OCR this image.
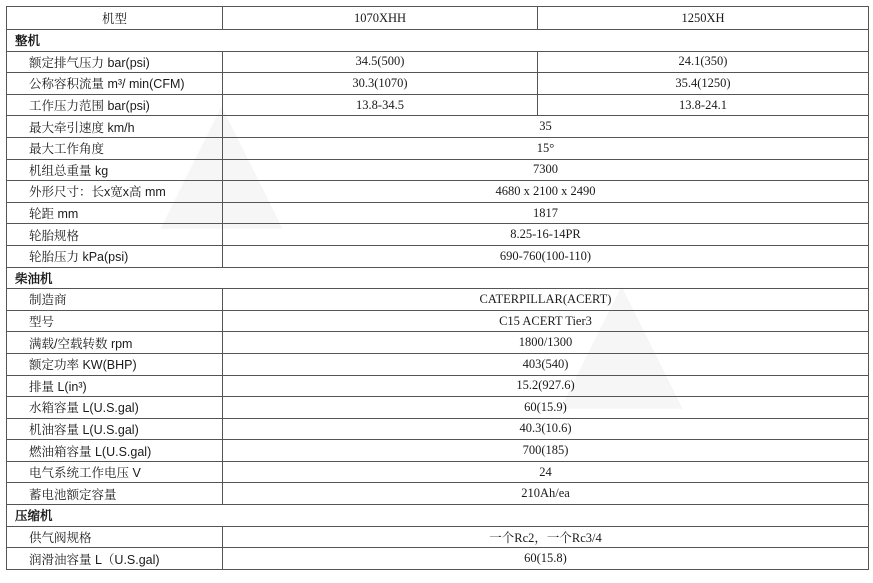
机型	1070XHH	1250XH
整机		
额定排气压力 bar(psi)	34.5(500)	24.1(350)
公称容积流量 m³/ min(CFM)	30.3(1070)	35.4(1250)
工作压力范围 bar(psi)	13.8-34.5	13.8-24.1
最大牵引速度 km/h	35	
最大工作角度	15°	
机组总重量 kg	7300	
外形尺寸：长x宽x高 mm	4680 x 2100 x 2490	
轮距 mm	1817	
轮胎规格	8.25-16-14PR	
轮胎压力 kPa(psi)	690-760(100-110)	
柴油机		
制造商	CATERPILLAR(ACERT)	
型号	C15 ACERT Tier3	
满载/空载转数 rpm	1800/1300	
额定功率 KW(BHP)	403(540)	
排量 L(in³)	15.2(927.6)	
水箱容量 L(U.S.gal)	60(15.9)	
机油容量 L(U.S.gal)	40.3(10.6)	
燃油箱容量 L(U.S.gal)	700(185)	
电气系统工作电压 V	24	
蓄电池额定容量	210Ah/ea	
压缩机		
供气阀规格	一个Rc2，一个Rc3/4	
润滑油容量 L（U.S.gal)	60(15.8)	
